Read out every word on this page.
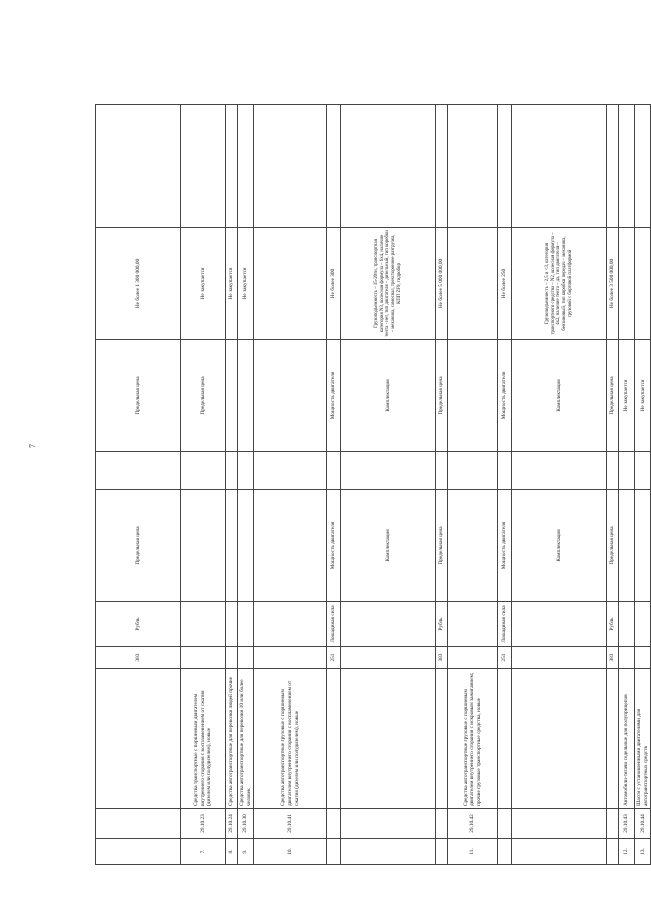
7
			383	Рубль	Предельная цена		Предельная цена	Не более 1 300 000,00	
7.	29.10.23	Средства транспортные с поршневым двигателем внутреннего сгорания с воспламенением от сжатия (дизелем или полудизелем), новые					Предельная цена	Не закупается	
8.	29.10.24	Средства автотранспортные для перевозки людей прочие						Не закупается	
9.	29.10.30	Средства автотранспортные для перевозки 10 или более человек						Не закупается	
10.	29.10.41	Средства автотранспортные грузовые с поршневым двигателем внутреннего сгорания с воспламенением от сжатия (дизелем или полудизелем), новые							
			251	Лошадиная сила	Мощность двигателя		Мощность двигателя	Не более 300	
					Комплектация		Комплектация	Грузоподъемность – 15-20тн, транспортная категория N3, колесная формула – 6х4, наличие тента - нет, тип двигателя – дизельный, тип коробки – механика, самосвал, трехстороннее разгрузка, КПП ZF9, гидробор	
			383	Рубль	Предельная цена		Предельная цена	Не более 5 000 000,00	
11.	29.10.42	Средства автотранспортные грузовые с поршневым двигателем внутреннего сгорания с искровым зажиганием; прочие грузовые транспортные средства, новые							
			251	Лошадиная сила	Мощность двигателя		Мощность двигателя	Не более 250	
					Комплектация		Комплектация	Грузоподъемность – 2,5 и <3, категория транспортного средства – N2, колесная формула – 4х2, наличие тента – да, тип двигателя – бензиновый, тип коробки передач – механика, грузовой с бортовой платформой	
			383	Рубль	Предельная цена		Предельная цена	Не более 3 500 000,00	
12.	29.10.43	Автомобили-тягачи седельные для полуприцепов					Не закупается		
13.	29.10.44	Шасси с установленными двигателями для автотранспортных средств					Не закупается		
